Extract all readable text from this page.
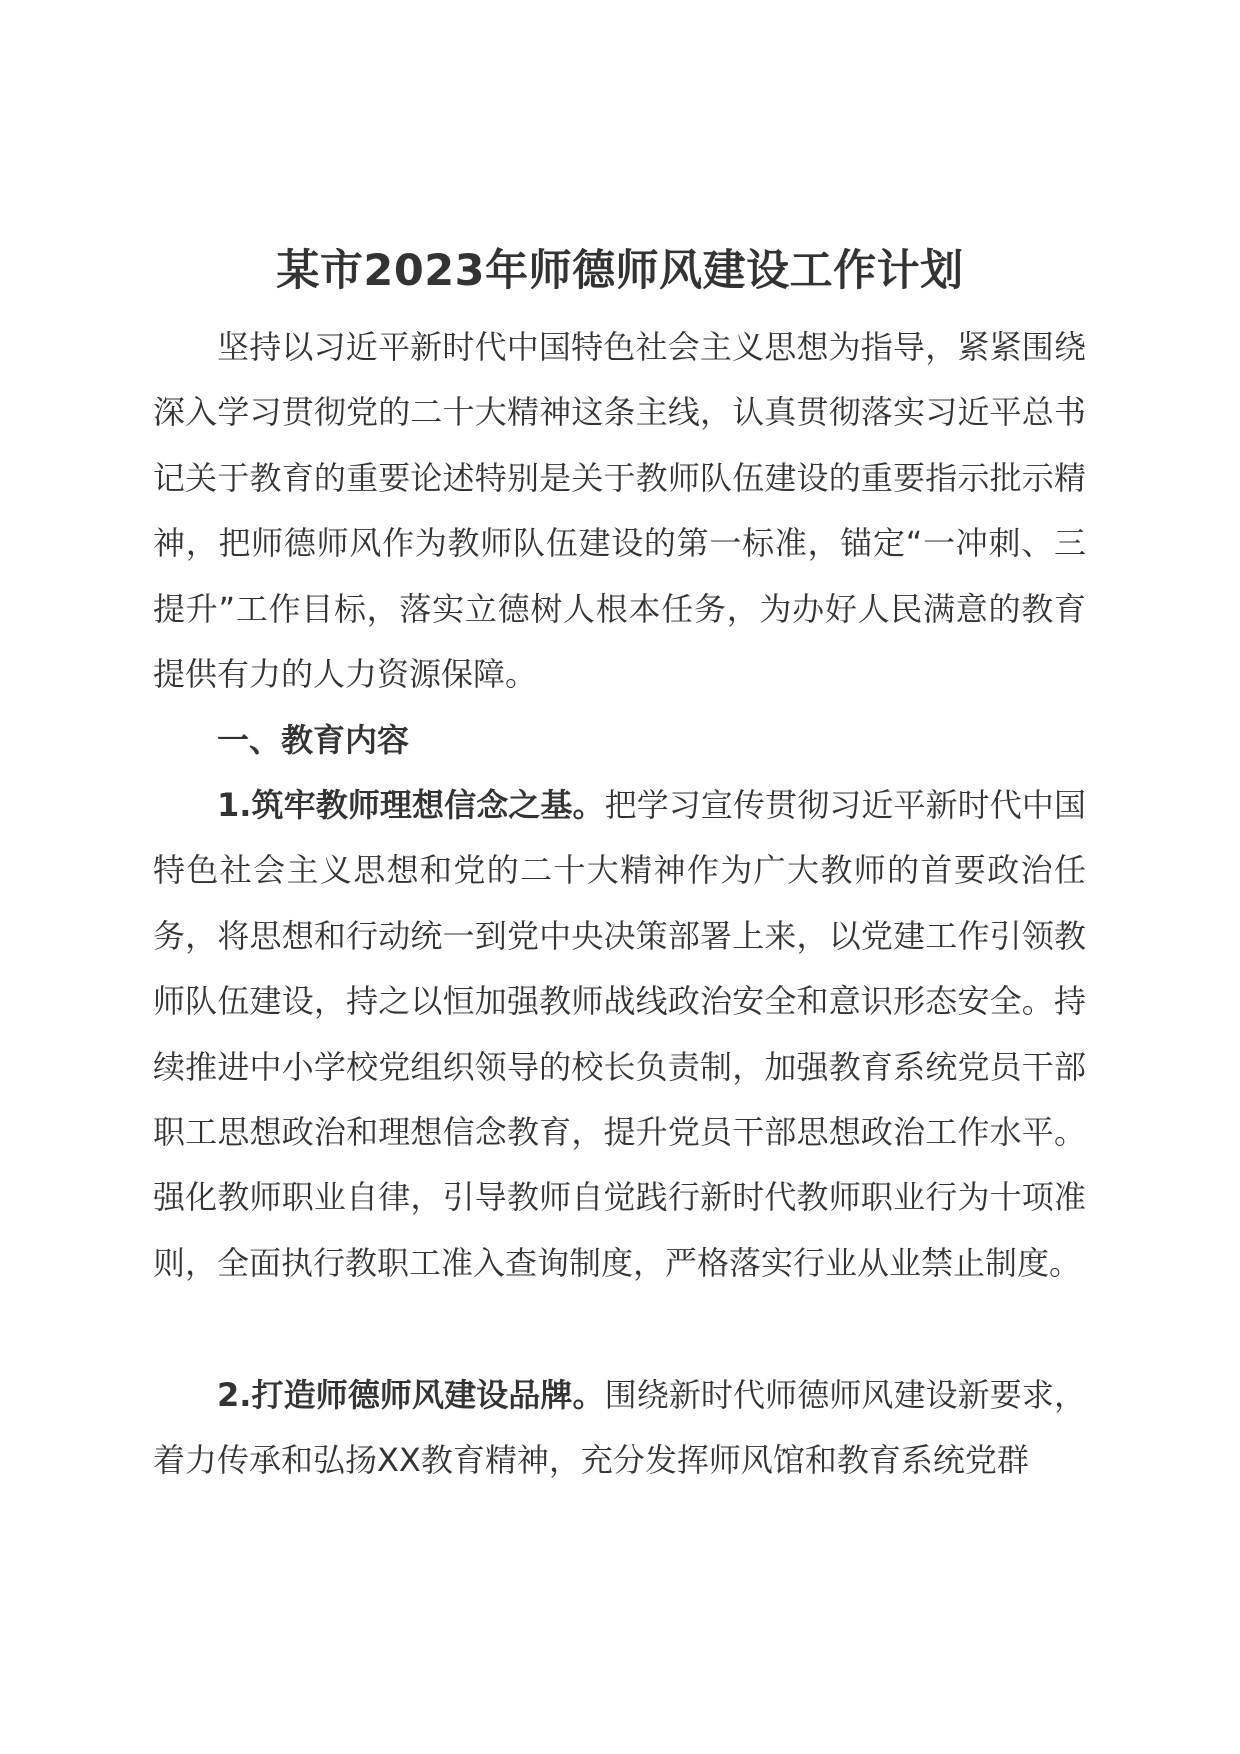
某市2023年师德师风建设工作计划

坚持以习近平新时代中国特色社会主义思想为指导，紧紧围绕深入学习贯彻党的二十大精神这条主线，认真贯彻落实习近平总书记关于教育的重要论述特别是关于教师队伍建设的重要指示批示精神，把师德师风作为教师队伍建设的第一标准，锚定“一冲刺、三提升”工作目标，落实立德树人根本任务，为办好人民满意的教育提供有力的人力资源保障。

一、教育内容

1.筑牢教师理想信念之基。把学习宣传贯彻习近平新时代中国特色社会主义思想和党的二十大精神作为广大教师的首要政治任务，将思想和行动统一到党中央决策部署上来，以党建工作引领教师队伍建设，持之以恒加强教师战线政治安全和意识形态安全。持续推进中小学校党组织领导的校长负责制，加强教育系统党员干部职工思想政治和理想信念教育，提升党员干部思想政治工作水平。强化教师职业自律，引导教师自觉践行新时代教师职业行为十项准则，全面执行教职工准入查询制度，严格落实行业从业禁止制度。

2.打造师德师风建设品牌。围绕新时代师德师风建设新要求，着力传承和弘扬XX教育精神，充分发挥师风馆和教育系统党群
